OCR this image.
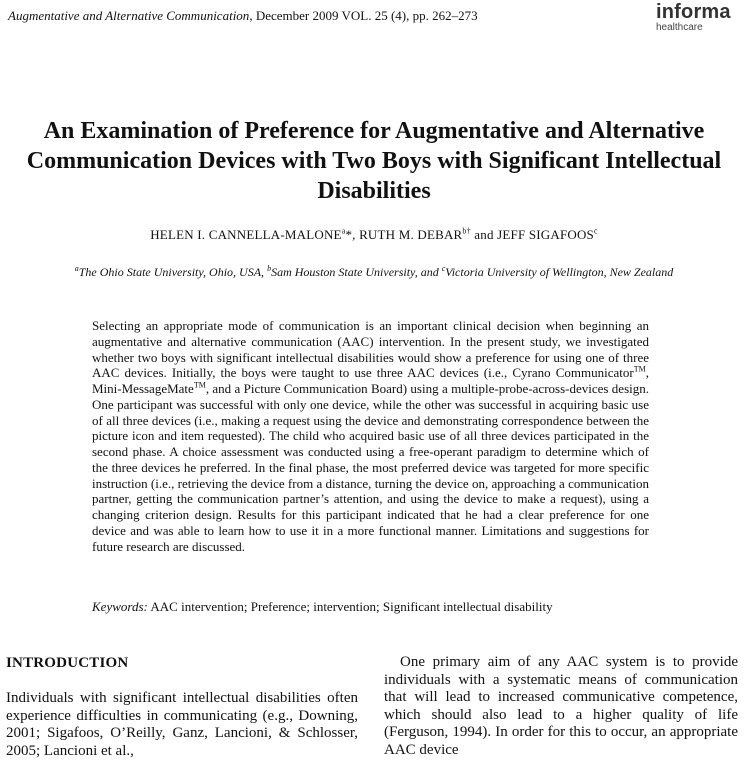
Augmentative and Alternative Communication, December 2009 VOL. 25 (4), pp. 262–273	informa
healthcare
An Examination of Preference for Augmentative and Alternative Communication Devices with Two Boys with Significant Intellectual Disabilities
HELEN I. CANNELLA-MALONE$^a$*, RUTH M. $DEBAR^{b\dagger}$ and JEFF SIGAFOOS$^c$
$^a$The Ohio State University, Ohio, USA, $^b$Sam Houston State University, and $^c$Victoria University of Wellington, New Zealand
Selecting an appropriate mode of communication is an important clinical decision when beginning an augmentative and alternative communication (AAC) intervention. In the present study, we investigated whether two boys with significant intellectual disabilities would show a preference for using one of three AAC devices. Initially, the boys were taught to use three AAC devices (i.e., Cyrano Communicator™, Mini-MessageMate™, and a Picture Communication Board) using a multiple-probe-across-devices design. One participant was successful with only one device, while the other was successful in acquiring basic use of all three devices (i.e., making a request using the device and demonstrating correspondence between the picture icon and item requested). The child who acquired basic use of all three devices participated in the second phase. A choice assessment was conducted using a free-operant paradigm to determine which of the three devices he preferred. In the final phase, the most preferred device was targeted for more specific instruction (i.e., retrieving the device from a distance, turning the device on, approaching a communication partner, getting the communication partner’s attention, and using the device to make a request), using a changing criterion design. Results for this participant indicated that he had a clear preference for one device and was able to learn how to use it in a more functional manner. Limitations and suggestions for future research are discussed.
Keywords: AAC intervention; Preference; intervention; Significant intellectual disability
INTRODUCTION

Individuals with significant intellectual disabilities often experience difficulties in communicating (e.g., Downing, 2001; Sigafoos, O’Reilly, Ganz, Lancioni, & Schlosser, 2005; Lancioni et al.,

One primary aim of any AAC system is to provide individuals with a systematic means of communication that will lead to increased communicative competence, which should also lead to a higher quality of life (Ferguson, 1994). In order for this to occur, an appropriate AAC device
